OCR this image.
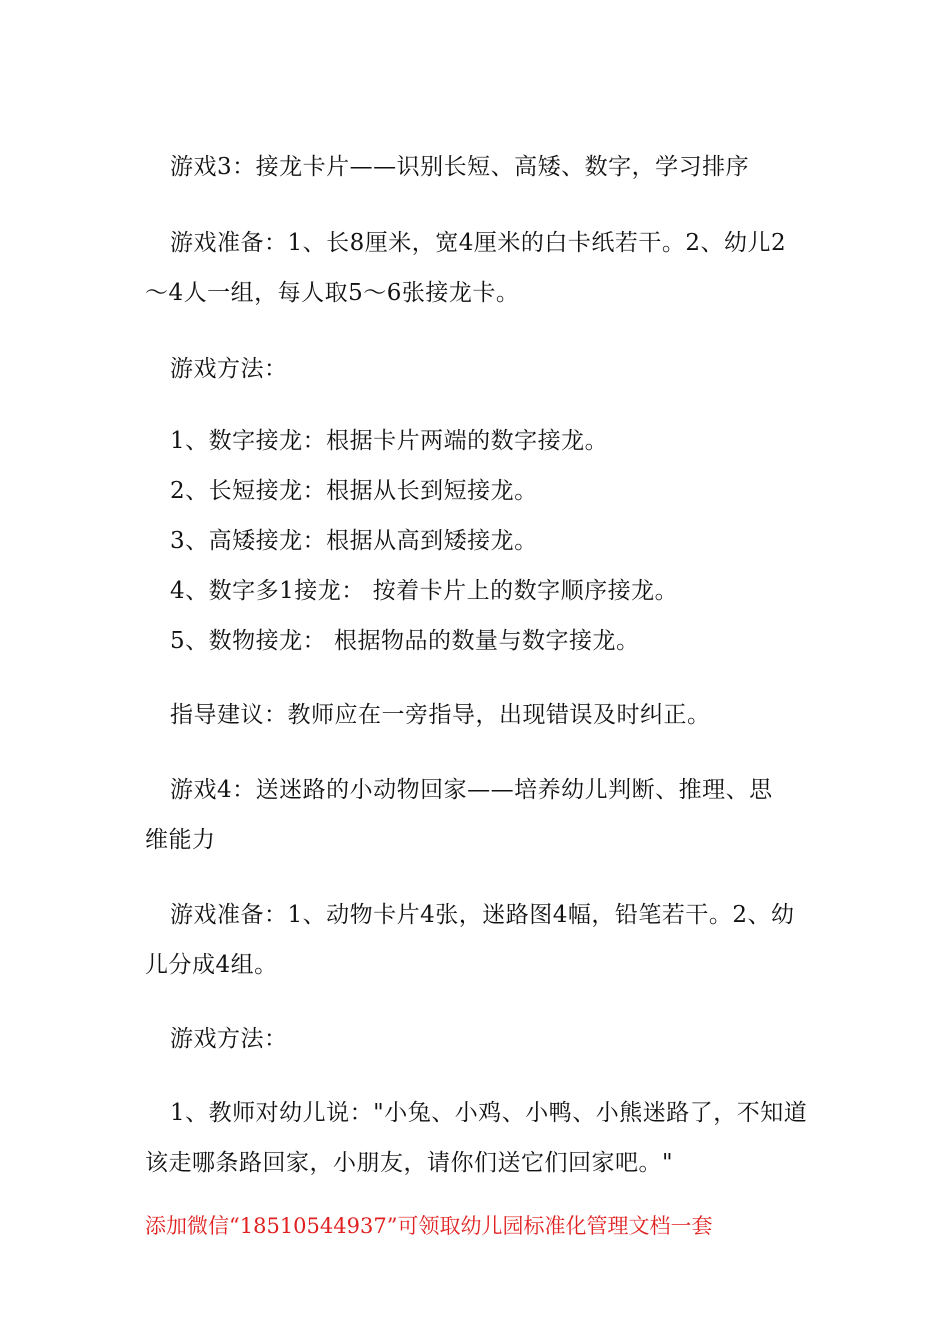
游戏3：接龙卡片——识别长短、高矮、数字，学习排序
游戏准备：1、长8厘米，宽4厘米的白卡纸若干。2、幼儿2
～4人一组，每人取5～6张接龙卡。
游戏方法：
1、数字接龙：根据卡片两端的数字接龙。
2、长短接龙：根据从长到短接龙。
3、高矮接龙：根据从高到矮接龙。
4、数字多1接龙： 按着卡片上的数字顺序接龙。
5、数物接龙： 根据物品的数量与数字接龙。
指导建议：教师应在一旁指导，出现错误及时纠正。
游戏4：送迷路的小动物回家——培养幼儿判断、推理、思
维能力
游戏准备：1、动物卡片4张，迷路图4幅，铅笔若干。2、幼
儿分成4组。
游戏方法：
1、教师对幼儿说："小兔、小鸡、小鸭、小熊迷路了，不知道
该走哪条路回家，小朋友，请你们送它们回家吧。"
添加微信“18510544937”可领取幼儿园标准化管理文档一套
